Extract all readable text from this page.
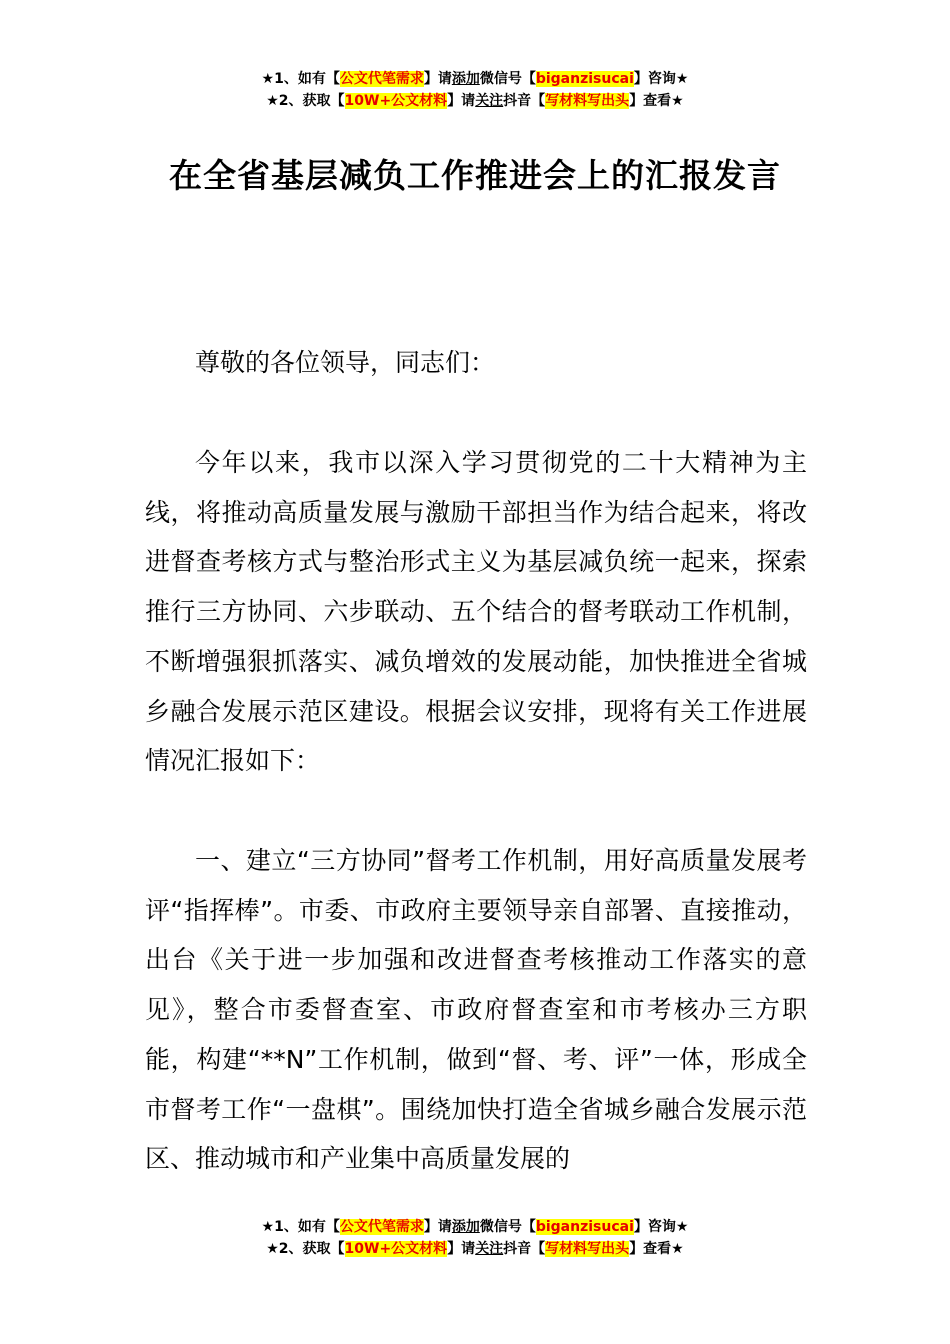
★1、如有【公文代笔需求】请添加微信号【biganzisucai】咨询★
★2、获取【10W+公文材料】请关注抖音【写材料写出头】查看★
在全省基层减负工作推进会上的汇报发言

尊敬的各位领导，同志们：

今年以来，我市以深入学习贯彻党的二十大精神为主线，将推动高质量发展与激励干部担当作为结合起来，将改进督查考核方式与整治形式主义为基层减负统一起来，探索推行三方协同、六步联动、五个结合的督考联动工作机制，不断增强狠抓落实、减负增效的发展动能，加快推进全省城乡融合发展示范区建设。根据会议安排，现将有关工作进展情况汇报如下：

一、建立“三方协同”督考工作机制，用好高质量发展考评“指挥棒”。市委、市政府主要领导亲自部署、直接推动，出台《关于进一步加强和改进督查考核推动工作落实的意见》，整合市委督查室、市政府督查室和市考核办三方职能，构建“**N”工作机制，做到“督、考、评”一体，形成全市督考工作“一盘棋”。围绕加快打造全省城乡融合发展示范区、推动城市和产业集中高质量发展的

★1、如有【公文代笔需求】请添加微信号【biganzisucai】咨询★
★2、获取【10W+公文材料】请关注抖音【写材料写出头】查看★
